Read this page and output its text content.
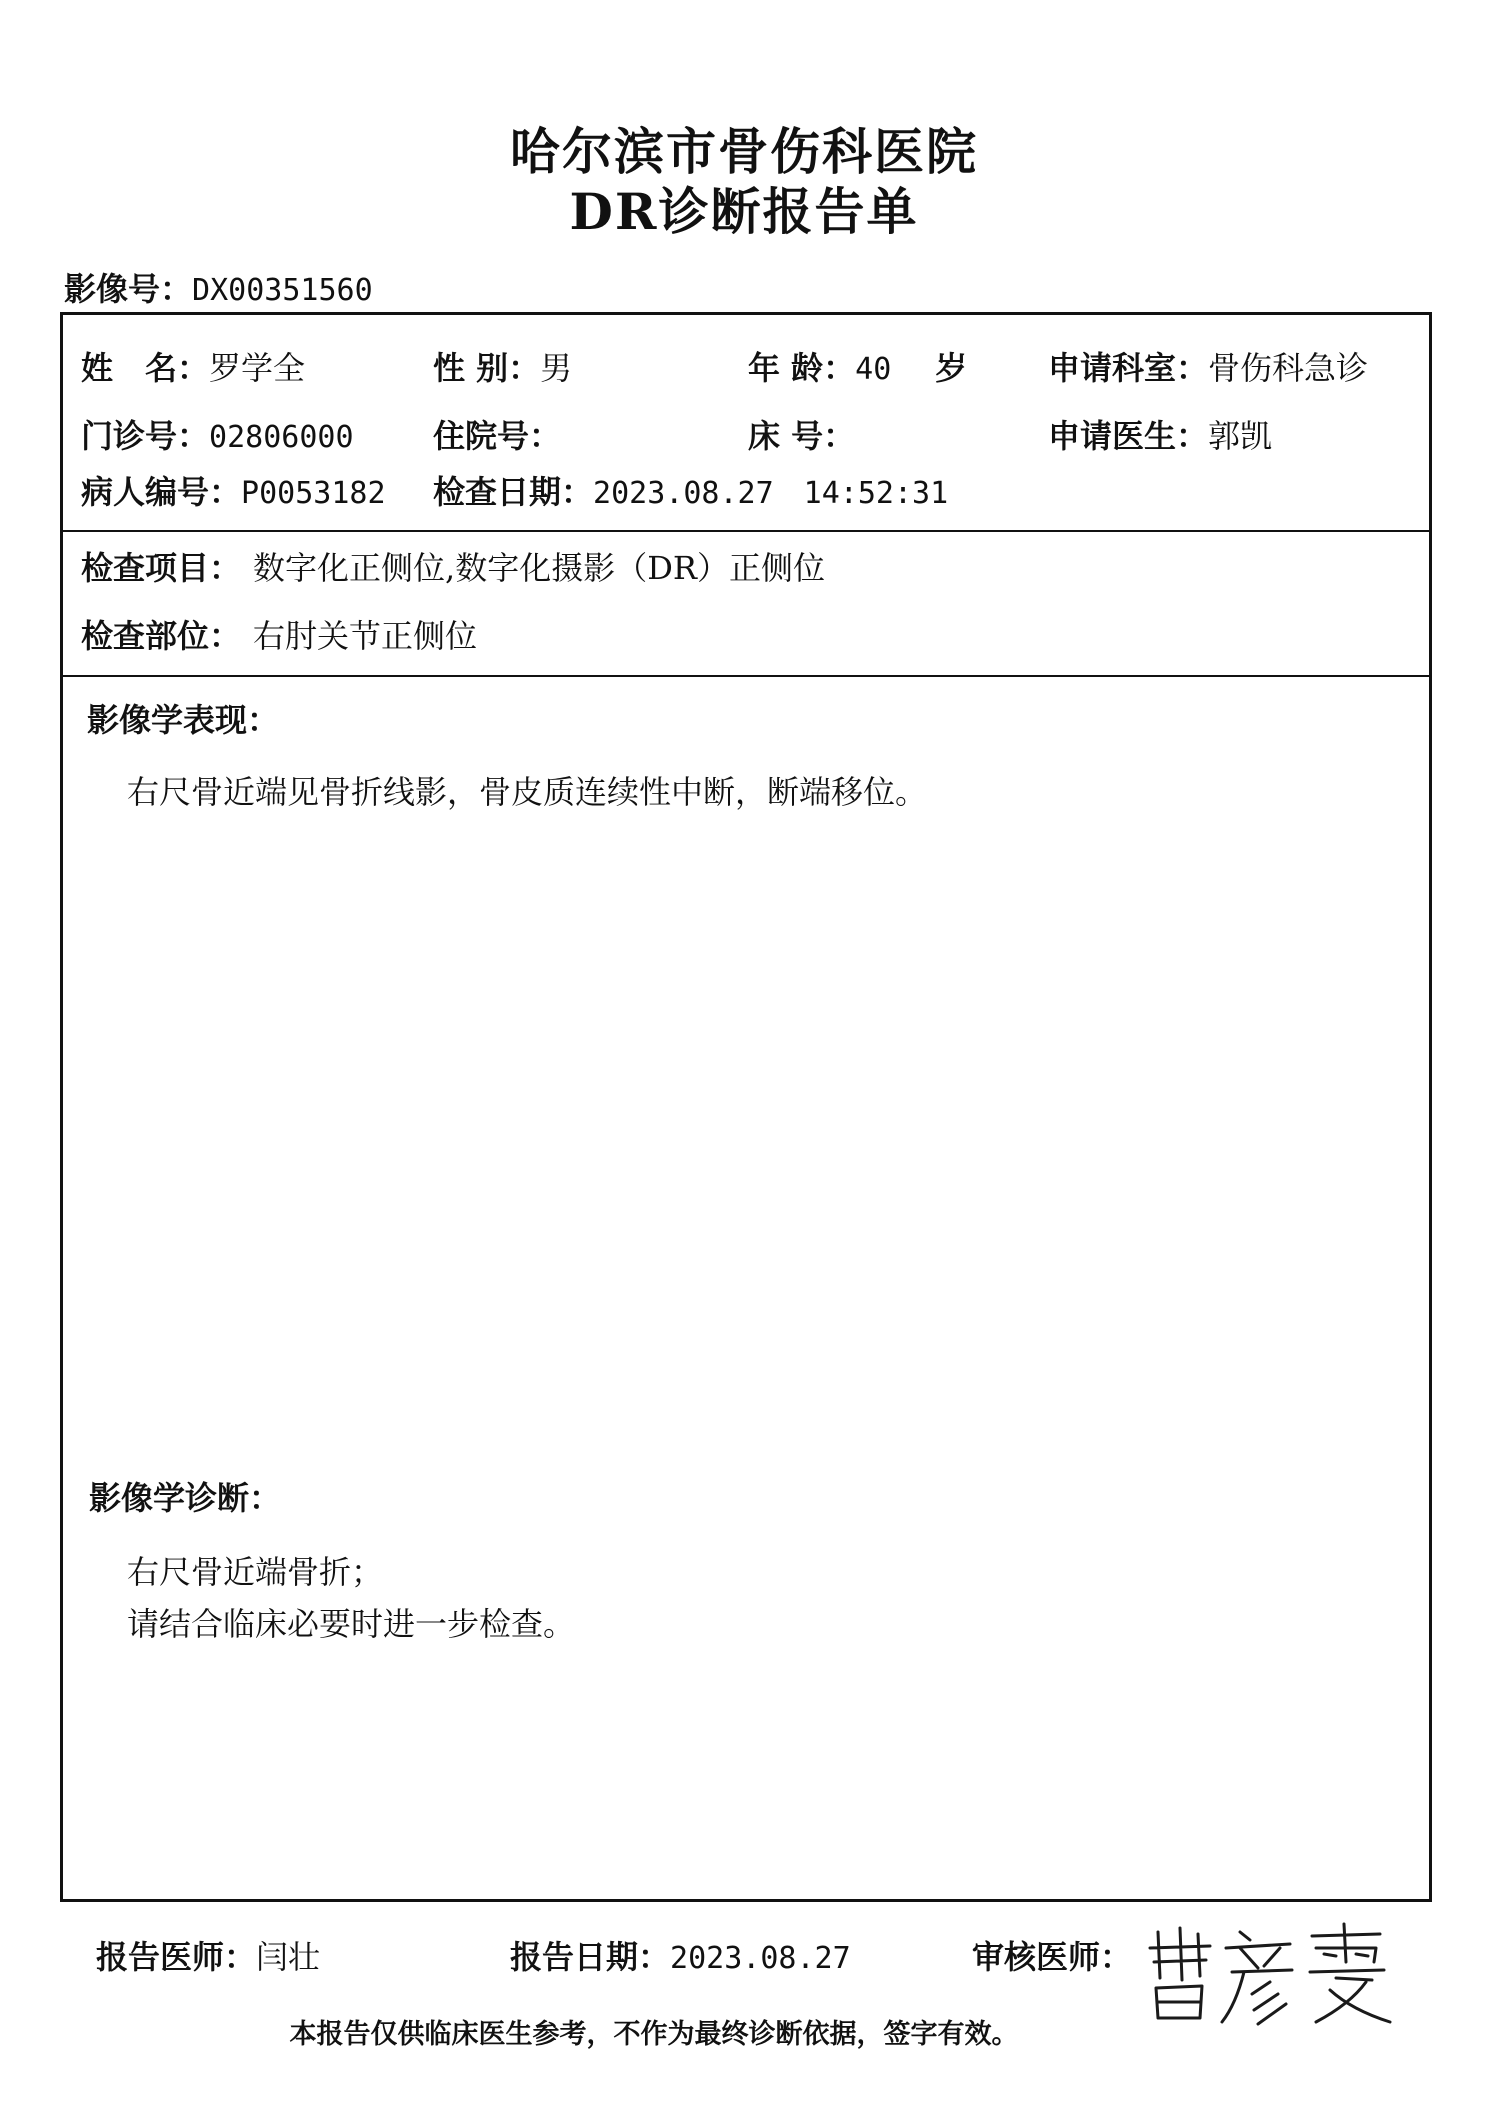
哈尔滨市骨伤科医院
DR诊断报告单
影像号：DX00351560
姓　名：罗学全	性 别：男	年 龄：40 岁	申请科室：骨伤科急诊
门诊号：02806000 住院号：	床 号：	申请医生：郭凯
病人编号：P0053182 检查日期：2023.08.27 14:52:31
检查项目： 数字化正侧位,数字化摄影（DR）正侧位
检查部位： 右肘关节正侧位
影像学表现：
右尺骨近端见骨折线影，骨皮质连续性中断，断端移位。
影像学诊断：
右尺骨近端骨折；
请结合临床必要时进一步检查。
报告医师：闫壮	报告日期：2023.08.27	审核医师：
本报告仅供临床医生参考，不作为最终诊断依据，签字有效。
